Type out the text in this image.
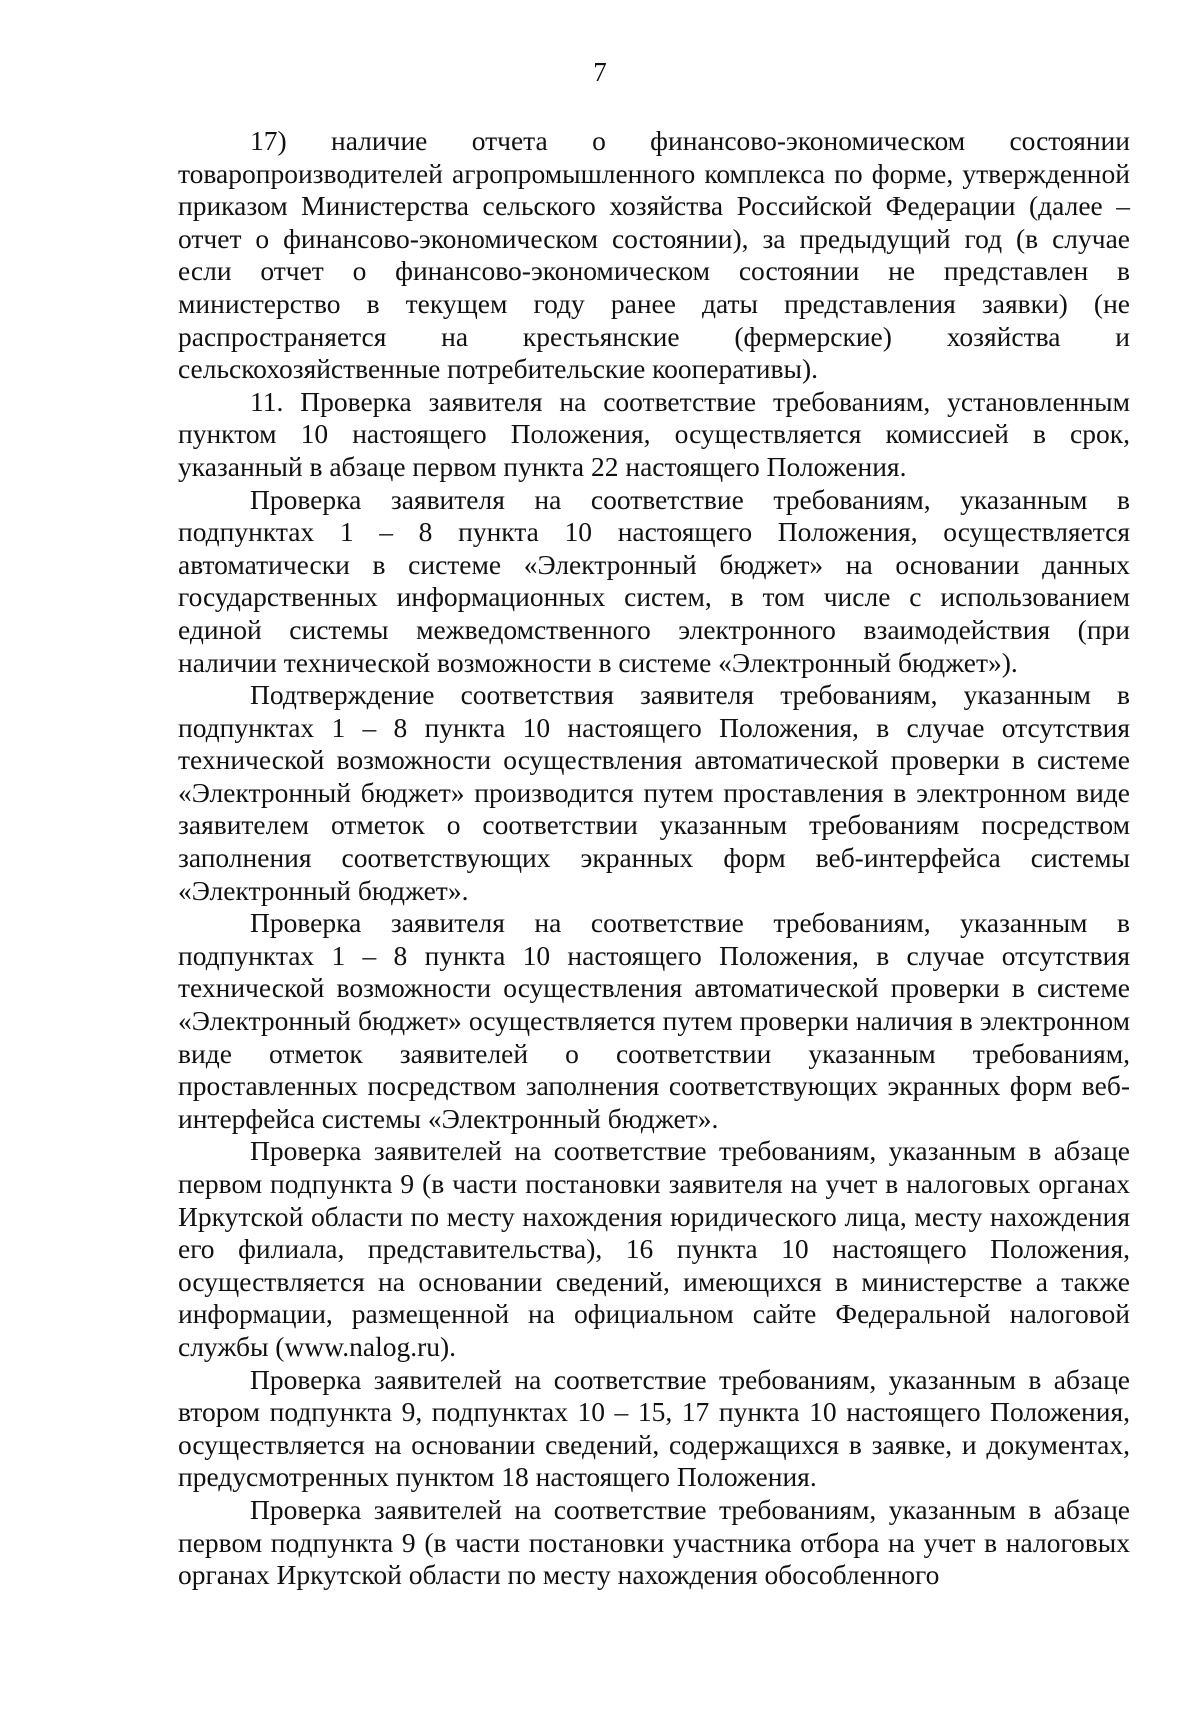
7

17) наличие отчета о финансово-экономическом состоянии товаропроизводителей агропромышленного комплекса по форме, утвержденной приказом Министерства сельского хозяйства Российской Федерации (далее – отчет о финансово-экономическом состоянии), за предыдущий год (в случае если отчет о финансово-экономическом состоянии не представлен в министерство в текущем году ранее даты представления заявки) (не распространяется на крестьянские (фермерские) хозяйства и сельскохозяйственные потребительские кооперативы).

11. Проверка заявителя на соответствие требованиям, установленным пунктом 10 настоящего Положения, осуществляется комиссией в срок, указанный в абзаце первом пункта 22 настоящего Положения.

Проверка заявителя на соответствие требованиям, указанным в подпунктах 1 – 8 пункта 10 настоящего Положения, осуществляется автоматически в системе «Электронный бюджет» на основании данных государственных информационных систем, в том числе с использованием единой системы межведомственного электронного взаимодействия (при наличии технической возможности в системе «Электронный бюджет»).

Подтверждение соответствия заявителя требованиям, указанным в подпунктах 1 – 8 пункта 10 настоящего Положения, в случае отсутствия технической возможности осуществления автоматической проверки в системе «Электронный бюджет» производится путем проставления в электронном виде заявителем отметок о соответствии указанным требованиям посредством заполнения соответствующих экранных форм веб-интерфейса системы «Электронный бюджет».

Проверка заявителя на соответствие требованиям, указанным в подпунктах 1 – 8 пункта 10 настоящего Положения, в случае отсутствия технической возможности осуществления автоматической проверки в системе «Электронный бюджет» осуществляется путем проверки наличия в электронном виде отметок заявителей о соответствии указанным требованиям, проставленных посредством заполнения соответствующих экранных форм веб-интерфейса системы «Электронный бюджет».

Проверка заявителей на соответствие требованиям, указанным в абзаце первом подпункта 9 (в части постановки заявителя на учет в налоговых органах Иркутской области по месту нахождения юридического лица, месту нахождения его филиала, представительства), 16 пункта 10 настоящего Положения, осуществляется на основании сведений, имеющихся в министерстве а также информации, размещенной на официальном сайте Федеральной налоговой службы (www.nalog.ru).

Проверка заявителей на соответствие требованиям, указанным в абзаце втором подпункта 9, подпунктах 10 – 15, 17 пункта 10 настоящего Положения, осуществляется на основании сведений, содержащихся в заявке, и документах, предусмотренных пунктом 18 настоящего Положения.

Проверка заявителей на соответствие требованиям, указанным в абзаце первом подпункта 9 (в части постановки участника отбора на учет в налоговых органах Иркутской области по месту нахождения обособленного
